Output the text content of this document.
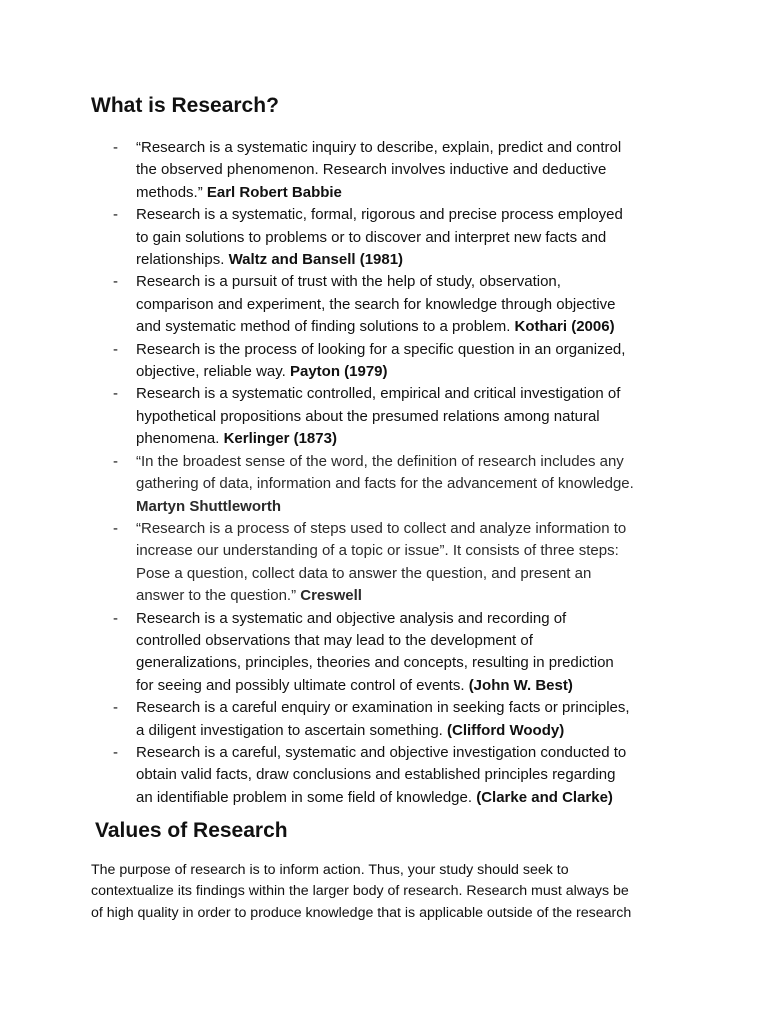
What is Research?
- “Research is a systematic inquiry to describe, explain, predict and control
the observed phenomenon. Research involves inductive and deductive
methods.” Earl Robert Babbie
- Research is a systematic, formal, rigorous and precise process employed
to gain solutions to problems or to discover and interpret new facts and
relationships. Waltz and Bansell (1981)
- Research is a pursuit of trust with the help of study, observation,
comparison and experiment, the search for knowledge through objective
and systematic method of finding solutions to a problem. Kothari (2006)
- Research is the process of looking for a specific question in an organized,
objective, reliable way. Payton (1979)
- Research is a systematic controlled, empirical and critical investigation of
hypothetical propositions about the presumed relations among natural
phenomena. Kerlinger (1873)
- “In the broadest sense of the word, the definition of research includes any
gathering of data, information and facts for the advancement of knowledge.
Martyn Shuttleworth
- “Research is a process of steps used to collect and analyze information to
increase our understanding of a topic or issue”. It consists of three steps:
Pose a question, collect data to answer the question, and present an
answer to the question.” Creswell
- Research is a systematic and objective analysis and recording of
controlled observations that may lead to the development of
generalizations, principles, theories and concepts, resulting in prediction
for seeing and possibly ultimate control of events. (John W. Best)
- Research is a careful enquiry or examination in seeking facts or principles,
a diligent investigation to ascertain something. (Clifford Woody)
- Research is a careful, systematic and objective investigation conducted to
obtain valid facts, draw conclusions and established principles regarding
an identifiable problem in some field of knowledge. (Clarke and Clarke)
Values of Research

The purpose of research is to inform action. Thus, your study should seek to
contextualize its findings within the larger body of research. Research must always be
of high quality in order to produce knowledge that is applicable outside of the research
